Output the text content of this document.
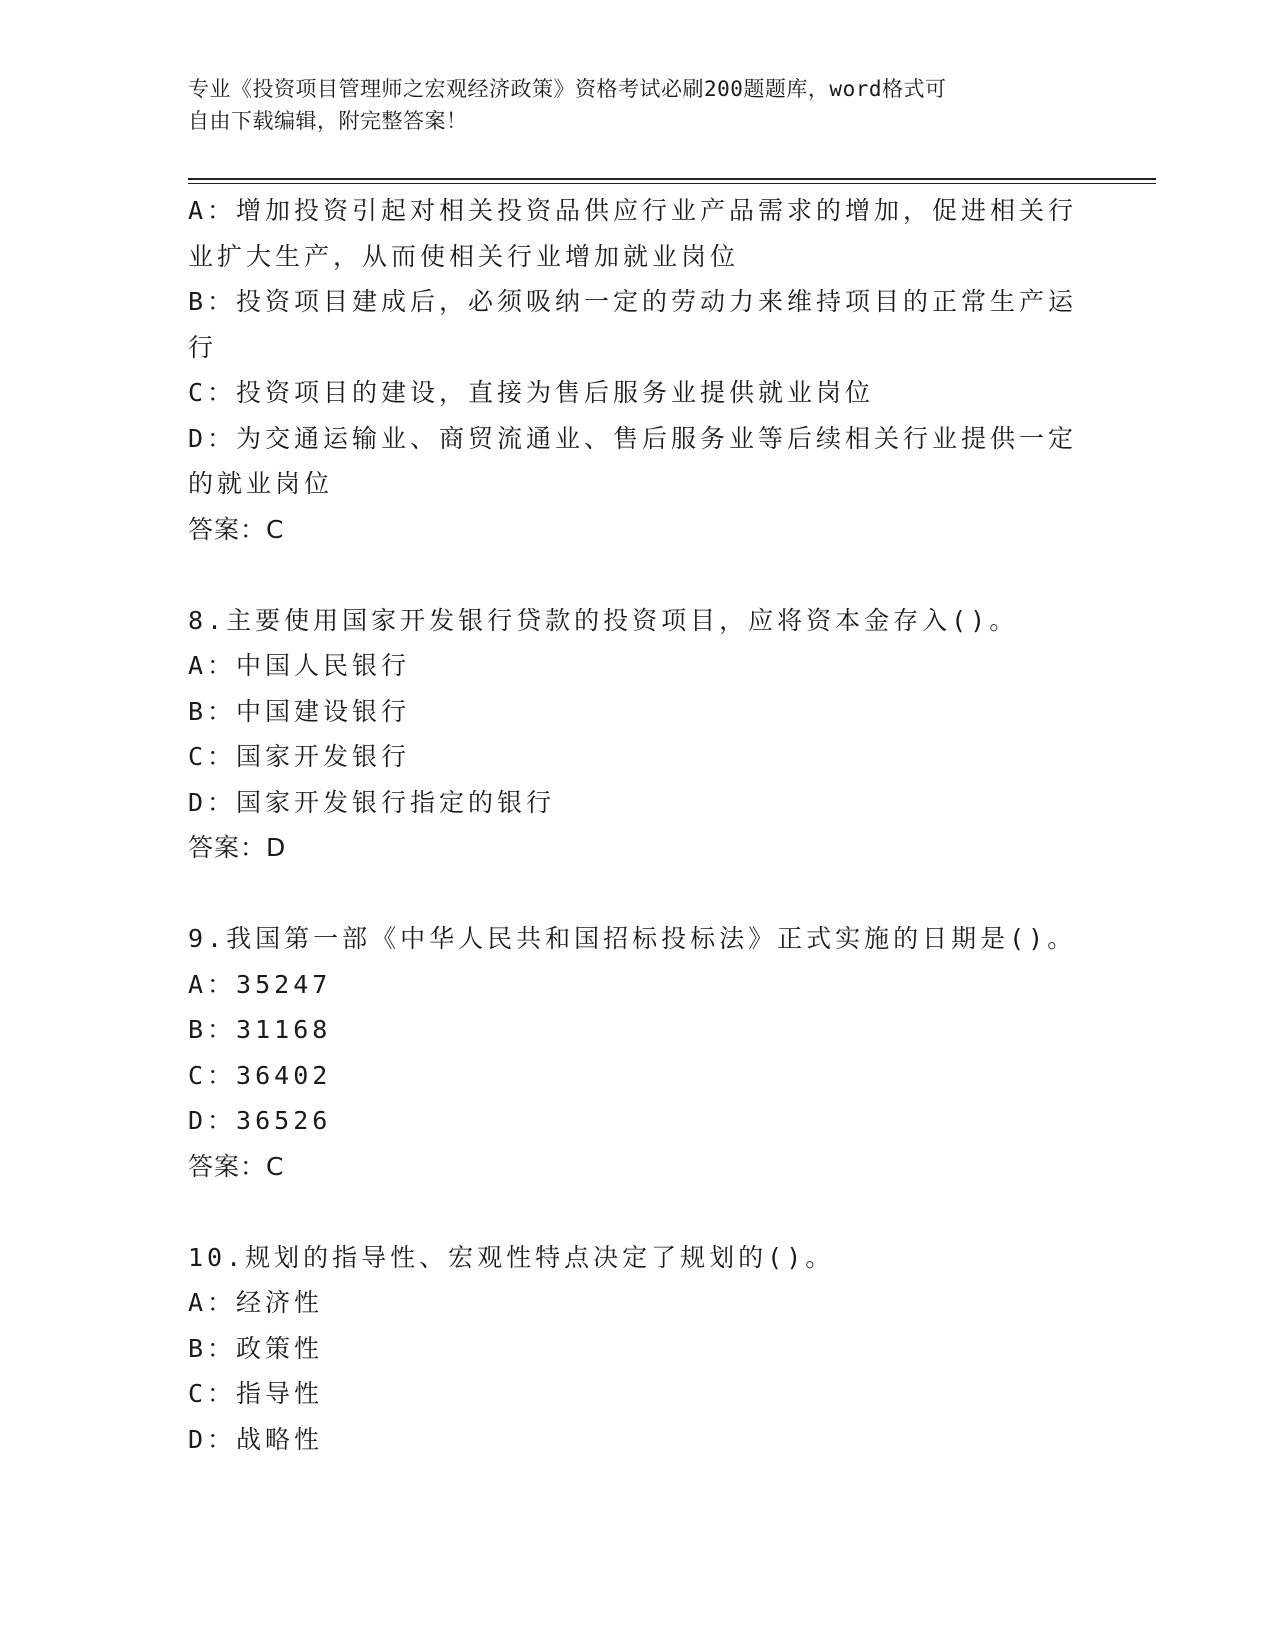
专业《投资项目管理师之宏观经济政策》资格考试必刷200题题库，word格式可
自由下载编辑，附完整答案！
A：增加投资引起对相关投资品供应行业产品需求的增加，促进相关行
业扩大生产，从而使相关行业增加就业岗位
B：投资项目建成后，必须吸纳一定的劳动力来维持项目的正常生产运
行
C：投资项目的建设，直接为售后服务业提供就业岗位
D：为交通运输业、商贸流通业、售后服务业等后续相关行业提供一定
的就业岗位
答案：C
8.主要使用国家开发银行贷款的投资项目，应将资本金存入()。
A：中国人民银行
B：中国建设银行
C：国家开发银行
D：国家开发银行指定的银行
答案：D
9.我国第一部《中华人民共和国招标投标法》正式实施的日期是()。
A：35247
B：31168
C：36402
D：36526
答案：C
10.规划的指导性、宏观性特点决定了规划的()。
A：经济性
B：政策性
C：指导性
D：战略性
